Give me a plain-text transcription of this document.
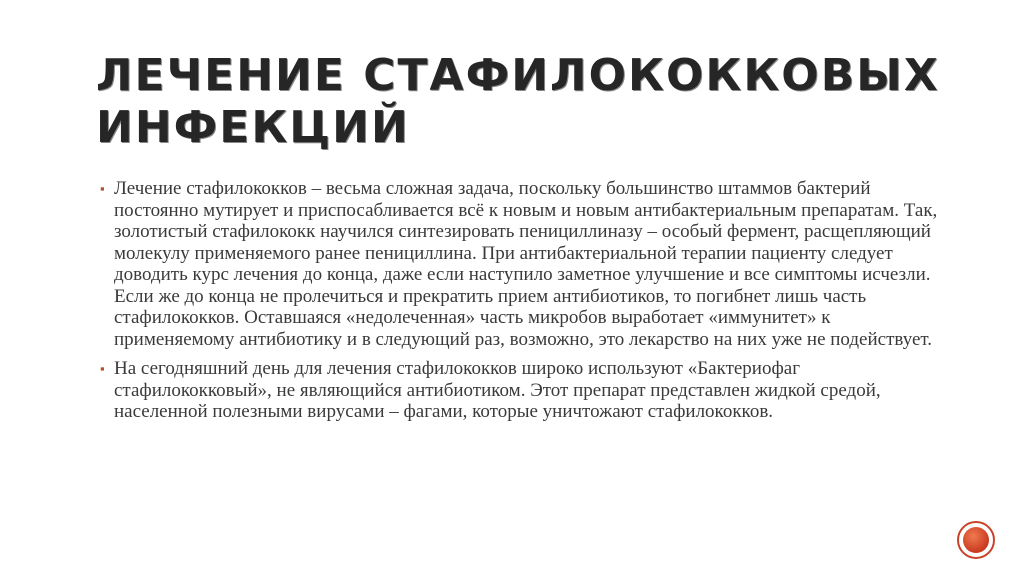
ЛЕЧЕНИЕ СТАФИЛОКОККОВЫХ ИНФЕКЦИЙ
▪ Лечение стафилококков – весьма сложная задача, поскольку большинство штаммов бактерий постоянно мутирует и приспосабливается всё к новым и новым антибактериальным препаратам. Так, золотистый стафилококк научился синтезировать пенициллиназу – особый фермент, расщепляющий молекулу применяемого ранее пенициллина. При антибактериальной терапии пациенту следует доводить курс лечения до конца, даже если наступило заметное улучшение и все симптомы исчезли. Если же до конца не пролечиться и прекратить прием антибиотиков, то погибнет лишь часть стафилококков. Оставшаяся «недолеченная» часть микробов выработает «иммунитет» к применяемому антибиотику и в следующий раз, возможно, это лекарство на них уже не подействует.
▪ На сегодняшний день для лечения стафилококков широко используют «Бактериофаг стафилококковый», не являющийся антибиотиком. Этот препарат представлен жидкой средой, населенной полезными вирусами – фагами, которые уничтожают стафилококков.
